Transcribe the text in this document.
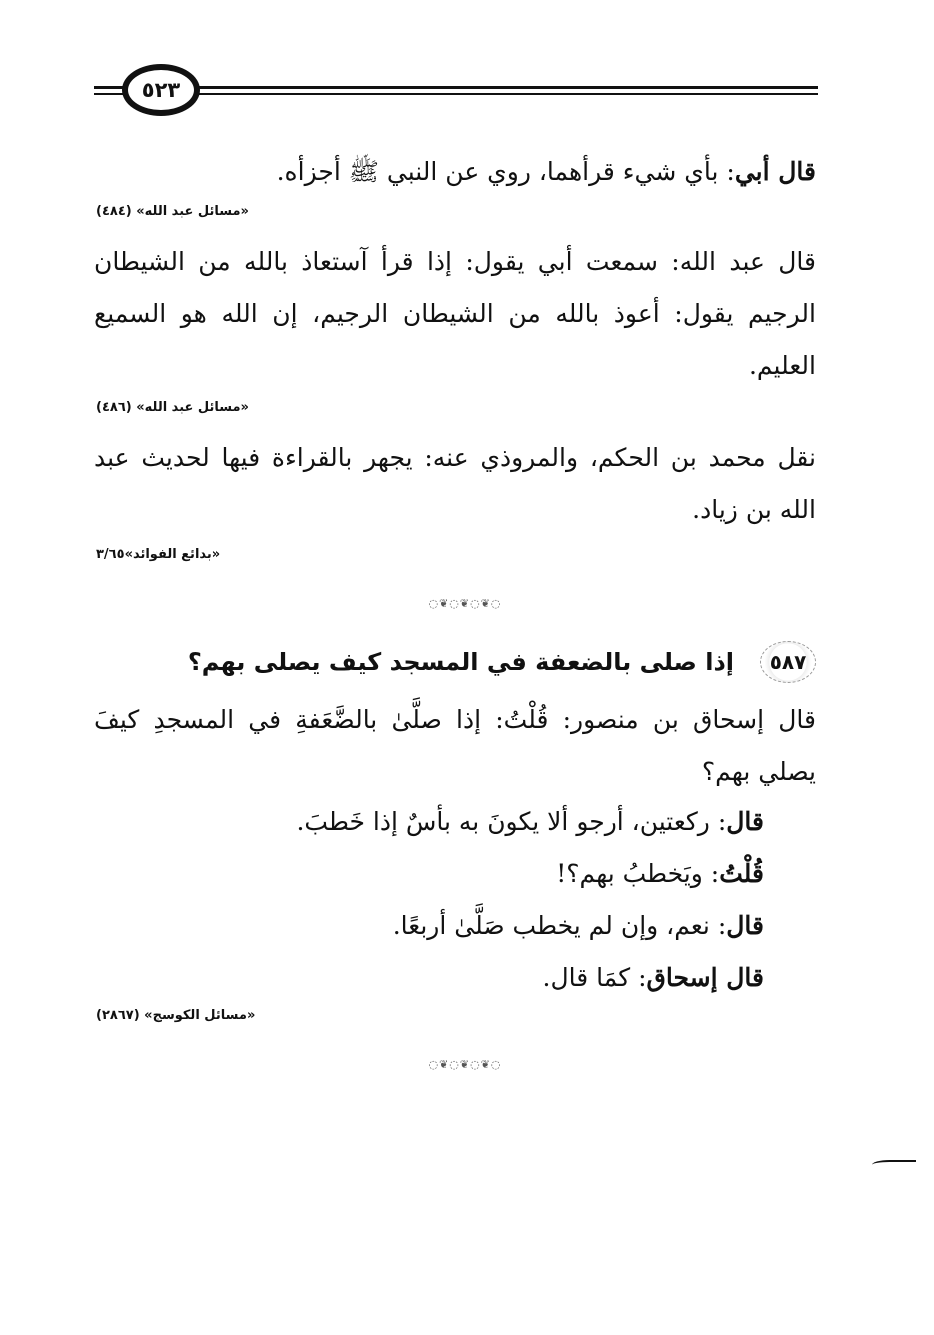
٥٢٣
قال أبي: بأي شيء قرأهما، روي عن النبي ﷺ أجزأه.
«مسائل عبد الله» (٤٨٤)
قال عبد الله: سمعت أبي يقول: إذا قرأ آستعاذ بالله من الشيطان الرجيم يقول: أعوذ بالله من الشيطان الرجيم، إن الله هو السميع العليم.
«مسائل عبد الله» (٤٨٦)
نقل محمد بن الحكم، والمروذي عنه: يجهر بالقراءة فيها لحديث عبد الله بن زياد.
«بدائع الفوائد»٣/٦٥
◌❦◌❦◌❦◌
٥٨٧
إذا صلى بالضعفة في المسجد كيف يصلى بهم؟
قال إسحاق بن منصور: قُلْتُ: إذا صلَّىٰ بالضَّعَفةِ في المسجدِ كيفَ يصلي بهم؟
قال: ركعتين، أرجو ألا يكونَ به بأسٌ إذا خَطبَ.
قُلْتُ: ويَخطبُ بهم؟!
قال: نعم، وإن لم يخطب صَلَّىٰ أربعًا.
قال إسحاق: كمَا قال.
«مسائل الكوسج» (٢٨٦٧)
◌❦◌❦◌❦◌
